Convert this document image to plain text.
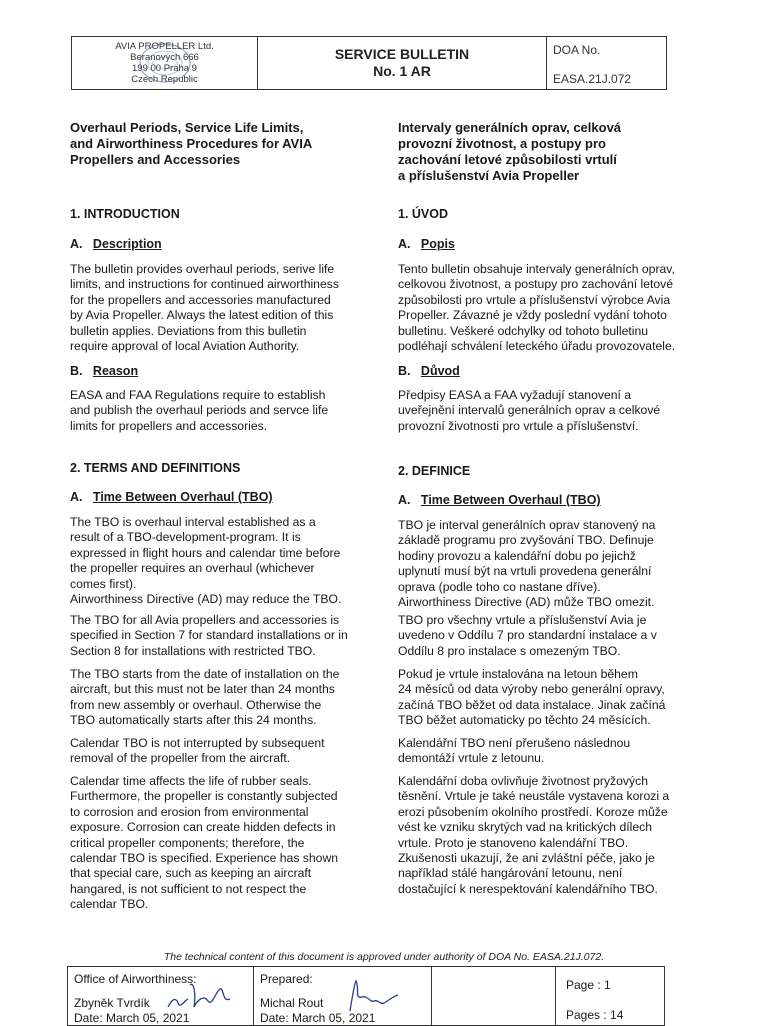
AVIA PROPELLER Ltd.
Beranových 666
199 00 Praha 9
Czech Republic
SERVICE BULLETIN
No. 1 AR
DOA No.
EASA.21J.072
Overhaul Periods, Service Life Limits,
and Airworthiness Procedures for AVIA
Propellers and Accessories
1. INTRODUCTION
A. Description
The bulletin provides overhaul periods, serive life
limits, and instructions for continued airworthiness
for the propellers and accessories manufactured
by Avia Propeller. Always the latest edition of this
bulletin applies. Deviations from this bulletin
require approval of local Aviation Authority.
B. Reason
EASA and FAA Regulations require to establish
and publish the overhaul periods and servce life
limits for propellers and accessories.
2. TERMS AND DEFINITIONS
A. Time Between Overhaul (TBO)
The TBO is overhaul interval established as a
result of a TBO-development-program. It is
expressed in flight hours and calendar time before
the propeller requires an overhaul (whichever
comes first).
Airworthiness Directive (AD) may reduce the TBO.
The TBO for all Avia propellers and accessories is
specified in Section 7 for standard installations or in
Section 8 for installations with restricted TBO.
The TBO starts from the date of installation on the
aircraft, but this must not be later than 24 months
from new assembly or overhaul. Otherwise the
TBO automatically starts after this 24 months.
Calendar TBO is not interrupted by subsequent
removal of the propeller from the aircraft.
Calendar time affects the life of rubber seals.
Furthermore, the propeller is constantly subjected
to corrosion and erosion from environmental
exposure. Corrosion can create hidden defects in
critical propeller components; therefore, the
calendar TBO is specified. Experience has shown
that special care, such as keeping an aircraft
hangared, is not sufficient to not respect the
calendar TBO.
Intervaly generálních oprav, celková
provozní životnost, a postupy pro
zachování letové způsobilosti vrtulí
a příslušenství Avia Propeller
1. ÚVOD
A. Popis
Tento bulletin obsahuje intervaly generálních oprav,
celkovou životnost, a postupy pro zachování letové
způsobilosti pro vrtule a příslušenství výrobce Avia
Propeller. Závazné je vždy poslední vydání tohoto
bulletinu. Veškeré odchylky od tohoto bulletinu
podléhají schválení leteckého úřadu provozovatele.
B. Důvod
Předpisy EASA a FAA vyžadují stanovení a
uveřejnění intervalů generálních oprav a celkové
provozní životnosti pro vrtule a příslušenství.
2. DEFINICE
A. Time Between Overhaul (TBO)
TBO je interval generálních oprav stanovený na
základě programu pro zvyšování TBO. Definuje
hodiny provozu a kalendářní dobu po jejichž
uplynutí musí být na vrtuli provedena generální
oprava (podle toho co nastane dříve).
Airworthiness Directive (AD) může TBO omezit.
TBO pro všechny vrtule a příslušenství Avia je
uvedeno v Oddílu 7 pro standardní instalace a v
Oddílu 8 pro instalace s omezeným TBO.
Pokud je vrtule instalována na letoun během
24 měsíců od data výroby nebo generální opravy,
začíná TBO běžet od data instalace. Jinak začíná
TBO běžet automaticky po těchto 24 měsících.
Kalendářní TBO není přerušeno následnou
demontáží vrtule z letounu.
Kalendářní doba ovlivňuje životnost pryžových
těsnění. Vrtule je také neustále vystavena korozi a
erozi působením okolního prostředí. Koroze může
vést ke vzniku skrytých vad na kritických dílech
vrtule. Proto je stanoveno kalendářní TBO.
Zkušenosti ukazují, že ani zvláštní péče, jako je
například stálé hangárování letounu, není
dostačující k nerespektování kalendářního TBO.
The technical content of this document is approved under authority of DOA No. EASA.21J.072.
Office of Airworthiness:
Zbyněk Tvrdík
Date: March 05, 2021
Prepared:
Michal Rout
Date: March 05, 2021
Page : 1
Pages : 14
